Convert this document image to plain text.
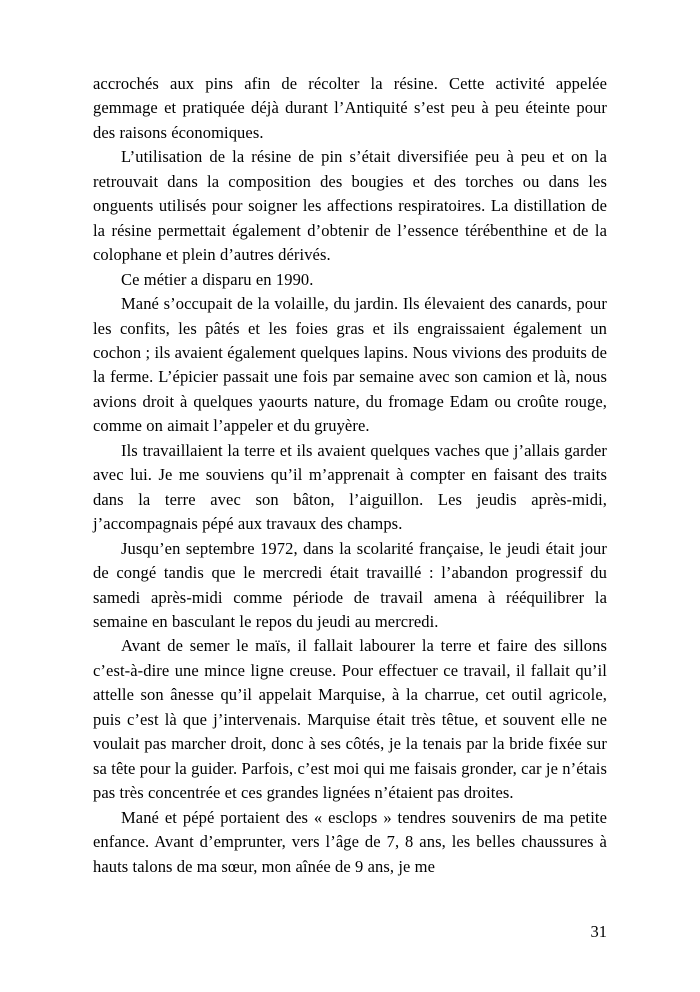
accrochés aux pins afin de récolter la résine. Cette activité appelée gemmage et pratiquée déjà durant l’Antiquité s’est peu à peu éteinte pour des raisons économiques.

L’utilisation de la résine de pin s’était diversifiée peu à peu et on la retrouvait dans la composition des bougies et des torches ou dans les onguents utilisés pour soigner les affections respiratoires. La distillation de la résine permettait également d’obtenir de l’essence térébenthine et de la colophane et plein d’autres dérivés.

Ce métier a disparu en 1990.

Mané s’occupait de la volaille, du jardin. Ils élevaient des canards, pour les confits, les pâtés et les foies gras et ils engraissaient également un cochon ; ils avaient également quelques lapins. Nous vivions des produits de la ferme. L’épicier passait une fois par semaine avec son camion et là, nous avions droit à quelques yaourts nature, du fromage Edam ou croûte rouge, comme on aimait l’appeler et du gruyère.

Ils travaillaient la terre et ils avaient quelques vaches que j’allais garder avec lui. Je me souviens qu’il m’apprenait à compter en faisant des traits dans la terre avec son bâton, l’aiguillon. Les jeudis après-midi, j’accompagnais pépé aux travaux des champs.

Jusqu’en septembre 1972, dans la scolarité française, le jeudi était jour de congé tandis que le mercredi était travaillé : l’abandon progressif du samedi après-midi comme période de travail amena à rééquilibrer la semaine en basculant le repos du jeudi au mercredi.

Avant de semer le maïs, il fallait labourer la terre et faire des sillons c’est-à-dire une mince ligne creuse. Pour effectuer ce travail, il fallait qu’il attelle son ânesse qu’il appelait Marquise, à la charrue, cet outil agricole, puis c’est là que j’intervenais. Marquise était très têtue, et souvent elle ne voulait pas marcher droit, donc à ses côtés, je la tenais par la bride fixée sur sa tête pour la guider. Parfois, c’est moi qui me faisais gronder, car je n’étais pas très concentrée et ces grandes lignées n’étaient pas droites.

Mané et pépé portaient des « esclops » tendres souvenirs de ma petite enfance. Avant d’emprunter, vers l’âge de 7, 8 ans, les belles chaussures à hauts talons de ma sœur, mon aînée de 9 ans, je me

31
